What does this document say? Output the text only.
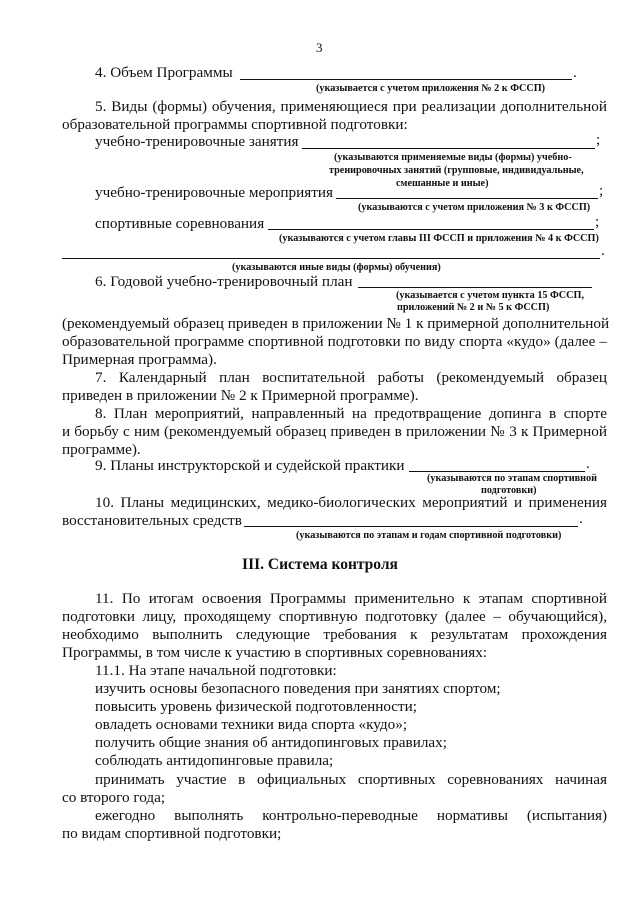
3
4. Объем Программы	.
(указывается с учетом приложения № 2 к ФССП)
5. Виды (формы) обучения, применяющиеся при реализации дополнительной
образовательной программы спортивной подготовки:
учебно-тренировочные занятия	;
(указываются применяемые виды (формы) учебно-
тренировочных занятий (групповые, индивидуальные,
смешанные и иные)
учебно-тренировочные мероприятия	;
(указываются с учетом приложения № 3 к ФССП)
спортивные соревнования	;
(указываются с учетом главы III ФССП и приложения № 4 к ФССП)
.
(указываются иные виды (формы) обучения)
6. Годовой учебно-тренировочный план
(указывается с учетом пункта 15 ФССП,
приложений № 2 и № 5 к ФССП)
(рекомендуемый образец приведен в приложении № 1 к примерной дополнительной
образовательной программе спортивной подготовки по виду спорта «кудо» (далее –
Примерная программа).
7. Календарный план воспитательной работы (рекомендуемый образец
приведен в приложении № 2 к Примерной программе).
8. План мероприятий, направленный на предотвращение допинга в спорте
и борьбу с ним (рекомендуемый образец приведен в приложении № 3 к Примерной
программе).
9. Планы инструкторской и судейской практики	.
(указываются по этапам спортивной
подготовки)
10. Планы медицинских, медико-биологических мероприятий и применения
восстановительных средств	.
(указываются по этапам и годам спортивной подготовки)
III. Система контроля
11. По итогам освоения Программы применительно к этапам спортивной
подготовки лицу, проходящему спортивную подготовку (далее – обучающийся),
необходимо выполнить следующие требования к результатам прохождения
Программы, в том числе к участию в спортивных соревнованиях:
11.1. На этапе начальной подготовки:
изучить основы безопасного поведения при занятиях спортом;
повысить уровень физической подготовленности;
овладеть основами техники вида спорта «кудо»;
получить общие знания об антидопинговых правилах;
соблюдать антидопинговые правила;
принимать участие в официальных спортивных соревнованиях начиная
со второго года;
ежегодно выполнять контрольно-переводные нормативы (испытания)
по видам спортивной подготовки;
